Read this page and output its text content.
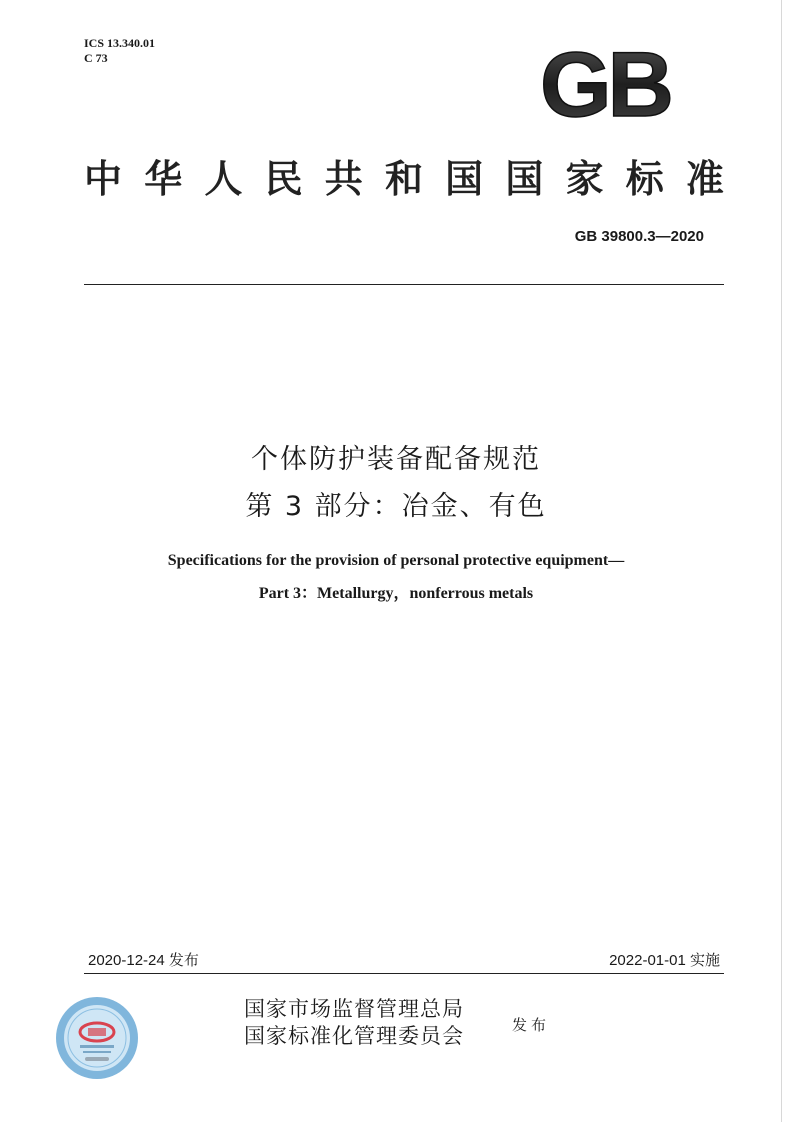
ICS 13.340.01
C 73	GB
中 华 人 民 共 和 国 国 家 标 准
GB 39800.3—2020
个体防护装备配备规范
第 3 部分：冶金、有色
Specifications for the provision of personal protective equipment—
Part 3：Metallurgy，nonferrous metals
2020-12-24 发布	2022-01-01 实施
国家市场监督管理总局
国家标准化管理委员会	发布
